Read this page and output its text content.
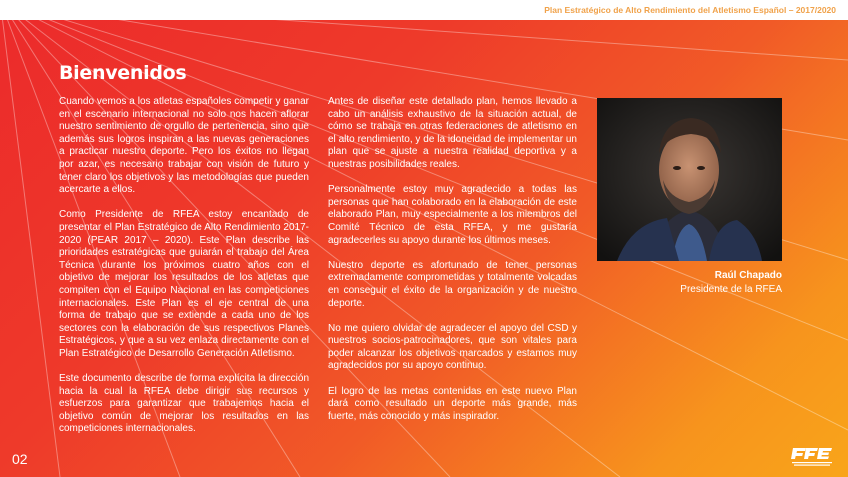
Plan Estratégico de Alto Rendimiento del Atletismo Español – 2017/2020
Bienvenidos

Cuando vemos a los atletas españoles competir y ganar en el escenario internacional no solo nos hacen aflorar nuestro sentimiento de orgullo de pertenencia, sino que además sus logros inspiran a las nuevas generaciones a practicar nuestro deporte. Pero los éxitos no llegan por azar, es necesario trabajar con visión de futuro y tener claro los objetivos y las metodologías que pueden acercarte a ellos.

Como Presidente de RFEA estoy encantado de presentar el Plan Estratégico de Alto Rendimiento 2017-2020 (PEAR 2017 – 2020). Este Plan describe las prioridades estratégicas que guiarán el trabajo del Área Técnica durante los próximos cuatro años con el objetivo de mejorar los resultados de los atletas que compiten con el Equipo Nacional en las competiciones internacionales. Este Plan es el eje central de una forma de trabajo que se extiende a cada uno de los sectores con la elaboración de sus respectivos Planes Estratégicos, y que a su vez enlaza directamente con el Plan Estratégico de Desarrollo Generación Atletismo.

Este documento describe de forma explícita la dirección hacia la cual la RFEA debe dirigir sus recursos y esfuerzos para garantizar que trabajemos hacia el objetivo común de mejorar los resultados en las competiciones internacionales.

Antes de diseñar este detallado plan, hemos llevado a cabo un análisis exhaustivo de la situación actual, de cómo se trabaja en otras federaciones de atletismo en el alto rendimiento, y de la idoneidad de implementar un plan que se ajuste a nuestra realidad deportiva y a nuestras posibilidades reales.

Personalmente estoy muy agradecido a todas las personas que han colaborado en la elaboración de este elaborado Plan, muy especialmente a los miembros del Comité Técnico de esta RFEA, y me gustaría agradecerles su apoyo durante los últimos meses.

Nuestro deporte es afortunado de tener personas extremadamente comprometidas y totalmente volcadas en conseguir el éxito de la organización y de nuestro deporte.

No me quiero olvidar de agradecer el apoyo del CSD y nuestros socios-patrocinadores, que son vitales para poder alcanzar los objetivos marcados y estamos muy agradecidos por su apoyo continuo.

El logro de las metas contenidas en este nuevo Plan dará como resultado un deporte más grande, más fuerte, más conocido y más inspirador.

Raúl Chapado
Presidente de la RFEA
02
